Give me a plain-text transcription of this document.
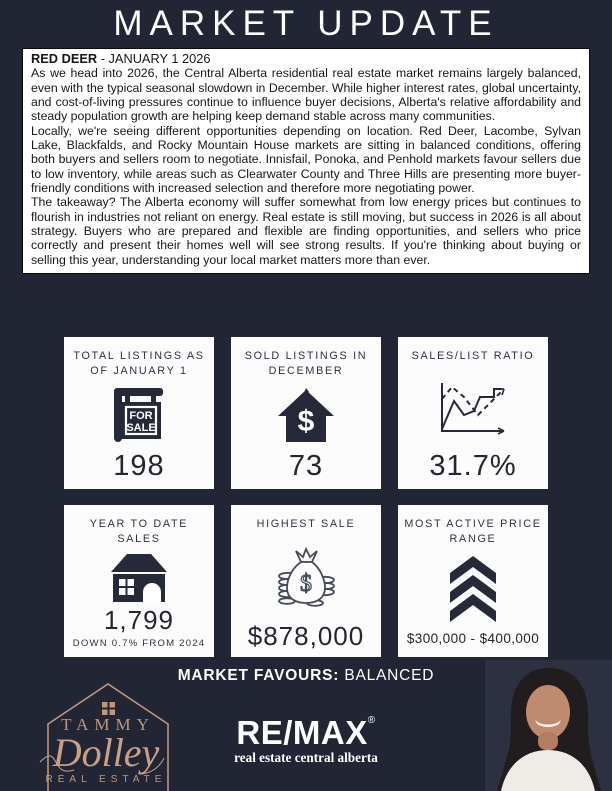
MARKET UPDATE
RED DEER - JANUARY 1 2026

As we head into 2026, the Central Alberta residential real estate market remains largely balanced, even with the typical seasonal slowdown in December. While higher interest rates, global uncertainty, and cost-of-living pressures continue to influence buyer decisions, Alberta's relative affordability and steady population growth are helping keep demand stable across many communities.

Locally, we're seeing different opportunities depending on location. Red Deer, Lacombe, Sylvan Lake, Blackfalds, and Rocky Mountain House markets are sitting in balanced conditions, offering both buyers and sellers room to negotiate. Innisfail, Ponoka, and Penhold markets favour sellers due to low inventory, while areas such as Clearwater County and Three Hills are presenting more buyer-friendly conditions with increased selection and therefore more negotiating power.

The takeaway? The Alberta economy will suffer somewhat from low energy prices but continues to flourish in industries not reliant on energy. Real estate is still moving, but success in 2026 is all about strategy. Buyers who are prepared and flexible are finding opportunities, and sellers who price correctly and present their homes well will see strong results. If you're thinking about buying or selling this year, understanding your local market matters more than ever.

TOTAL LISTINGS AS OF JANUARY 1
FOR
SALE
198
SOLD LISTINGS IN DECEMBER
$
73
SALES/LIST RATIO
31.7%
YEAR TO DATE SALES
1,799
DOWN 0.7% FROM 2024
HIGHEST SALE
$
$878,000
MOST ACTIVE PRICE RANGE
$300,000 - $400,000
MARKET FAVOURS: BALANCED
TAMMY
Dolley
REAL ESTATE
RE/MAX®
real estate central alberta
